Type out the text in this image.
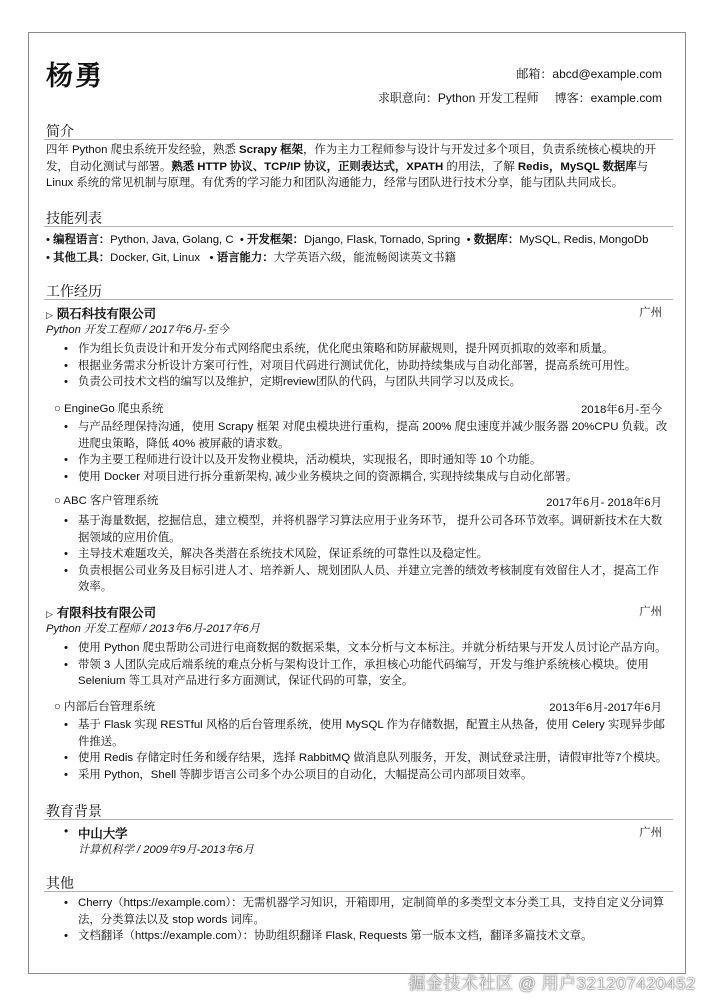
杨勇	邮箱：abcd@example.com
求职意向：Python 开发工程师 博客：example.com
简介
四年 Python 爬虫系统开发经验，熟悉 Scrapy 框架，作为主力工程师参与设计与开发过多个项目，负责系统核心模块的开发，自动化测试与部署。熟悉 HTTP 协议、TCP/IP 协议，正则表达式，XPATH 的用法，了解 Redis，MySQL 数据库与 Linux 系统的常见机制与原理。有优秀的学习能力和团队沟通能力，经常与团队进行技术分享，能与团队共同成长。
技能列表
• 编程语言：Python, Java, Golang, C  • 开发框架：Django, Flask, Tornado, Spring  • 数据库：MySQL, Redis, MongoDb
• 其他工具：Docker, Git, Linux   • 语言能力：大学英语六级，能流畅阅读英文书籍
工作经历
▷ 陨石科技有限公司	广州
Python 开发工程师 / 2017年6月-至今
• 作为组长负责设计和开发分布式网络爬虫系统，优化爬虫策略和防屏蔽规则，提升网页抓取的效率和质量。
• 根据业务需求分析设计方案可行性，对项目代码进行测试优化，协助持续集成与自动化部署，提高系统可用性。
• 负责公司技术文档的编写以及维护，定期review团队的代码，与团队共同学习以及成长。
○ EngineGo 爬虫系统	2018年6月-至今
• 与产品经理保持沟通，使用 Scrapy 框架 对爬虫模块进行重构，提高 200% 爬虫速度并减少服务器 20%CPU 负载。改进爬虫策略，降低 40% 被屏蔽的请求数。
• 作为主要工程师进行设计以及开发物业模块，活动模块，实现报名，即时通知等 10 个功能。
• 使用 Docker 对项目进行拆分重新架构, 减少业务模块之间的资源耦合, 实现持续集成与自动化部署。
○ ABC 客户管理系统	2017年6月- 2018年6月
• 基于海量数据，挖掘信息，建立模型，并将机器学习算法应用于业务环节， 提升公司各环节效率。调研新技术在大数据领域的应用价值。
• 主导技术难题攻关，解决各类潜在系统技术风险，保证系统的可靠性以及稳定性。
• 负责根据公司业务及目标引进人才、培养新人、规划团队人员、并建立完善的绩效考核制度有效留住人才，提高工作效率。
▷ 有限科技有限公司	广州
Python 开发工程师 / 2013年6月-2017年6月
• 使用 Python 爬虫帮助公司进行电商数据的数据采集，文本分析与文本标注。并就分析结果与开发人员讨论产品方向。
• 带领 3 人团队完成后端系统的难点分析与架构设计工作，承担核心功能代码编写，开发与维护系统核心模块。使用 Selenium 等工具对产品进行多方面测试，保证代码的可靠，安全。
○ 内部后台管理系统	2013年6月-2017年6月
• 基于 Flask 实现 RESTful 风格的后台管理系统，使用 MySQL 作为存储数据，配置主从热备，使用 Celery 实现异步邮件推送。
• 使用 Redis 存储定时任务和缓存结果，选择 RabbitMQ 做消息队列服务，开发，测试登录注册，请假审批等7个模块。
• 采用 Python，Shell 等脚步语言公司多个办公项目的自动化，大幅提高公司内部项目效率。
教育背景
• 中山大学	广州
计算机科学 / 2009年9月-2013年6月
其他
• Cherry（https://example.com）：无需机器学习知识，开箱即用，定制简单的多类型文本分类工具，支持自定义分词算法，分类算法以及 stop words 词库。
• 文档翻译（https://example.com）：协助组织翻译 Flask, Requests 第一版本文档，翻译多篇技术文章。
掘金技术社区 @ 用户321207420452
